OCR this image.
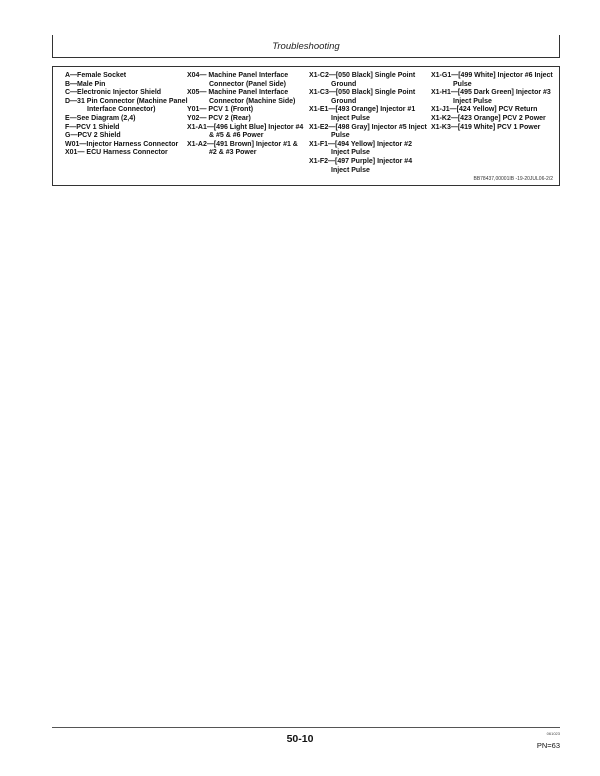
Troubleshooting

A—Female Socket

B—Male Pin

C—Electronic Injector Shield

D—31 Pin Connector (Machine Panel Interface Connector)

E—See Diagram (2,4)

F—PCV 1 Shield

G—PCV 2 Shield

W01—Injector Harness Connector

X01— ECU Harness Connector

X04— Machine Panel Interface Connector (Panel Side)

X05— Machine Panel Interface Connector (Machine Side)

Y01— PCV 1 (Front)

Y02— PCV 2 (Rear)

X1-A1—[496 Light Blue] Injector #4 & #5 & #6 Power

X1-A2—[491 Brown] Injector #1 & #2 & #3 Power

X1-C2—[050 Black] Single Point Ground

X1-C3—[050 Black] Single Point Ground

X1-E1—[493 Orange] Injector #1 Inject Pulse

X1-E2—[498 Gray] Injector #5 Inject Pulse

X1-F1—[494 Yellow] Injector #2 Inject Pulse

X1-F2—[497 Purple] Injector #4 Inject Pulse

X1-G1—[499 White] Injector #6 Inject Pulse

X1-H1—[495 Dark Green] Injector #3 Inject Pulse

X1-J1—[424 Yellow] PCV Return

X1-K2—[423 Orange] PCV 2 Power

X1-K3—[419 White] PCV 1 Power

BB78437,00001IB -19-20JUL06-2/2
50-10	061023
PN=63
